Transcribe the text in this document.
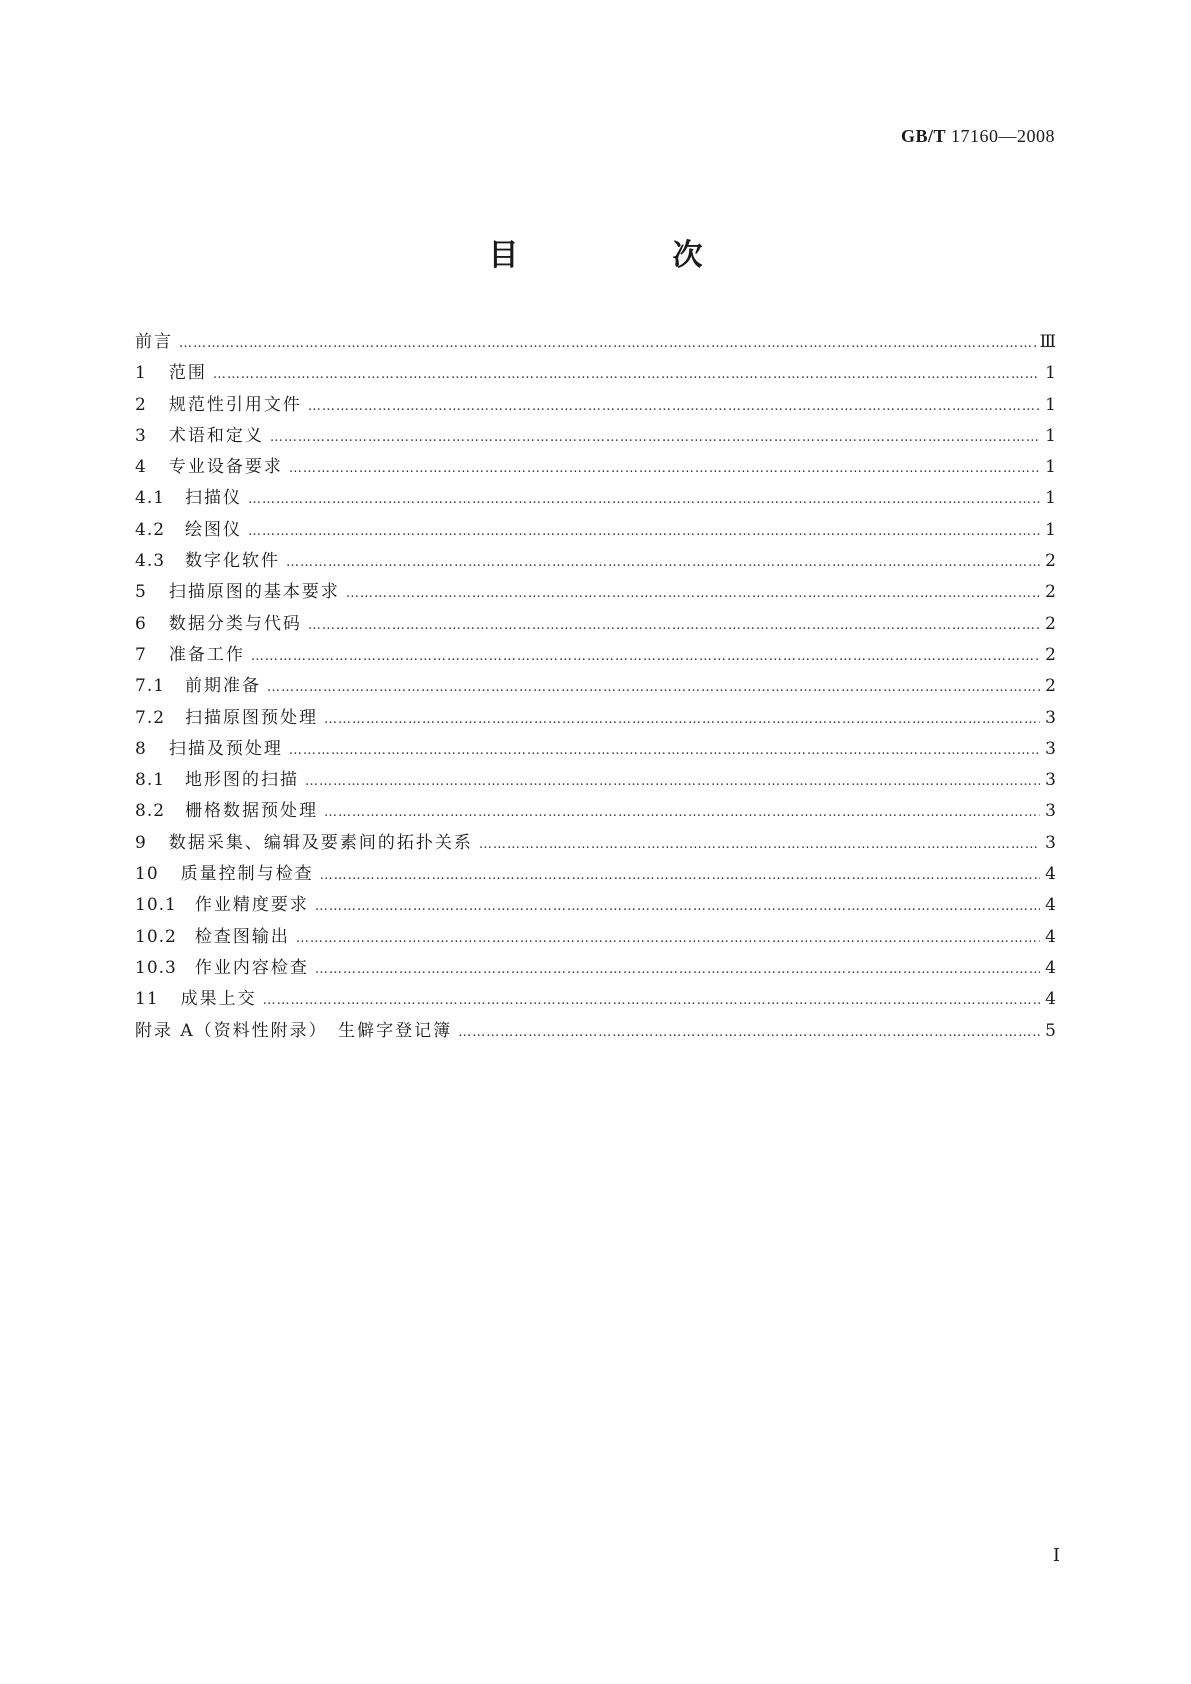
GB/T 17160—2008
目　次
前言 …………………………………………………………………………………………………………………………………………………………………………………………………………	Ⅲ
1 范围 …………………………………………………………………………………………………………………………………………………………………………………………………………	1
2 规范性引用文件 …………………………………………………………………………………………………………………………………………………………………………………………………………	1
3 术语和定义 …………………………………………………………………………………………………………………………………………………………………………………………………………	1
4 专业设备要求 …………………………………………………………………………………………………………………………………………………………………………………………………………	1
4.1 扫描仪 …………………………………………………………………………………………………………………………………………………………………………………………………………	1
4.2 绘图仪 …………………………………………………………………………………………………………………………………………………………………………………………………………	1
4.3 数字化软件 …………………………………………………………………………………………………………………………………………………………………………………………………………	2
5 扫描原图的基本要求 …………………………………………………………………………………………………………………………………………………………………………………………………………	2
6 数据分类与代码 …………………………………………………………………………………………………………………………………………………………………………………………………………	2
7 准备工作 …………………………………………………………………………………………………………………………………………………………………………………………………………	2
7.1 前期准备 …………………………………………………………………………………………………………………………………………………………………………………………………………	2
7.2 扫描原图预处理 …………………………………………………………………………………………………………………………………………………………………………………………………………	3
8 扫描及预处理 …………………………………………………………………………………………………………………………………………………………………………………………………………	3
8.1 地形图的扫描 …………………………………………………………………………………………………………………………………………………………………………………………………………	3
8.2 栅格数据预处理 …………………………………………………………………………………………………………………………………………………………………………………………………………	3
9 数据采集、编辑及要素间的拓扑关系 …………………………………………………………………………………………………………………………………………………………………………………………………………	3
10 质量控制与检查 …………………………………………………………………………………………………………………………………………………………………………………………………………	4
10.1 作业精度要求 …………………………………………………………………………………………………………………………………………………………………………………………………………	4
10.2 检查图输出 …………………………………………………………………………………………………………………………………………………………………………………………………………	4
10.3 作业内容检查 …………………………………………………………………………………………………………………………………………………………………………………………………………	4
11 成果上交 …………………………………………………………………………………………………………………………………………………………………………………………………………	4
附录 A（资料性附录）　生僻字登记簿 …………………………………………………………………………………………………………………………………………………………………………………………………………	5
I
